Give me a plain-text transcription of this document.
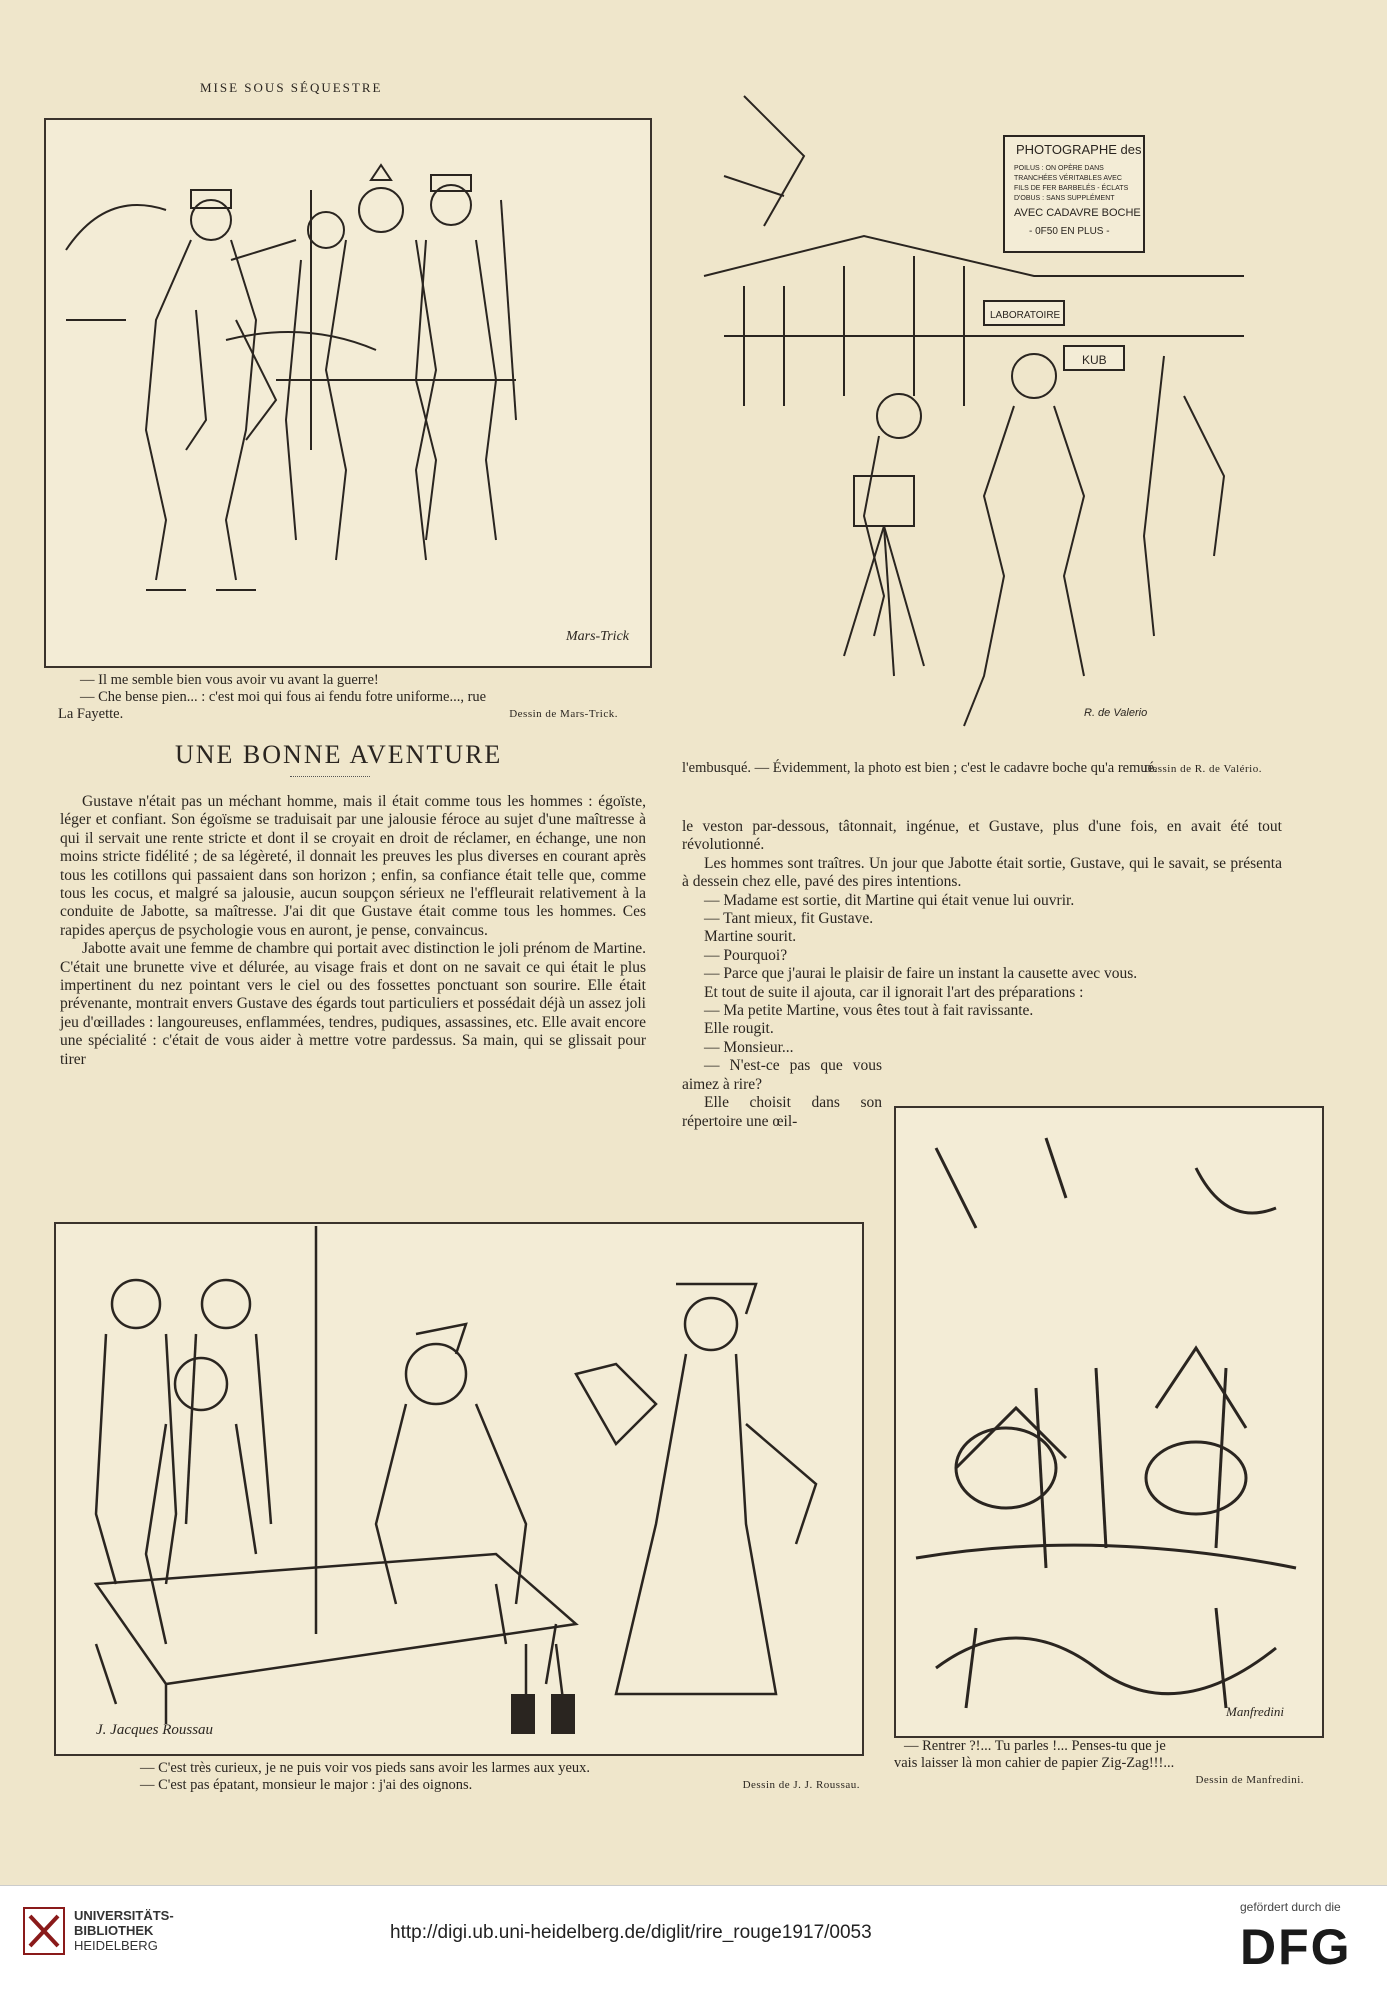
MISE SOUS SÉQUESTRE
Mars-Trick
— Il me semble bien vous avoir vu avant la guerre!
— Che bense pien... : c'est moi qui fous ai fendu fotre uniforme..., rue
La Fayette.	Dessin de Mars-Trick.
PHOTOGRAPHE des
POILUS : ON OPÈRE DANS
TRANCHÉES VÉRITABLES AVEC
FILS DE FER BARBELÉS - ÉCLATS
D'OBUS : SANS SUPPLÉMENT
AVEC CADAVRE BOCHE
- 0F50 EN PLUS -
LABORATOIRE
KUB
R. de Valerio
l'embusqué. — Évidemment, la photo est bien ; c'est le cadavre boche qu'a remué.
Dessin de R. de Valério.
UNE BONNE AVENTURE

Gustave n'était pas un méchant homme, mais il était comme tous les hommes : égoïste, léger et confiant. Son égoïsme se traduisait par une jalousie féroce au sujet d'une maîtresse à qui il servait une rente stricte et dont il se croyait en droit de réclamer, en échange, une non moins stricte fidélité ; de sa légèreté, il donnait les preuves les plus diverses en courant après tous les cotillons qui passaient dans son horizon ; enfin, sa confiance était telle que, comme tous les cocus, et malgré sa jalousie, aucun soupçon sérieux ne l'effleurait relativement à la conduite de Jabotte, sa maîtresse. J'ai dit que Gustave était comme tous les hommes. Ces rapides aperçus de psychologie vous en auront, je pense, convaincus.

Jabotte avait une femme de chambre qui portait avec distinction le joli prénom de Martine. C'était une brunette vive et délurée, au visage frais et dont on ne savait ce qui était le plus impertinent du nez pointant vers le ciel ou des fossettes ponctuant son sourire. Elle était prévenante, montrait envers Gustave des égards tout particuliers et possédait déjà un assez joli jeu d'œillades : langoureuses, enflammées, tendres, pudiques, assassines, etc. Elle avait encore une spécialité : c'était de vous aider à mettre votre pardessus. Sa main, qui se glissait pour tirer

le veston par-dessous, tâtonnait, ingénue, et Gustave, plus d'une fois, en avait été tout révolutionné.

Les hommes sont traîtres. Un jour que Jabotte était sortie, Gustave, qui le savait, se présenta à dessein chez elle, pavé des pires intentions.

— Madame est sortie, dit Martine qui était venue lui ouvrir.

— Tant mieux, fit Gustave.

Martine sourit.

— Pourquoi?

— Parce que j'aurai le plaisir de faire un instant la causette avec vous.

Et tout de suite il ajouta, car il ignorait l'art des préparations :

— Ma petite Martine, vous êtes tout à fait ravissante.

Elle rougit.

— Monsieur...

— N'est-ce pas que vous aimez à rire?

Elle choisit dans son répertoire une œil-

Manfredini
— Rentrer ?!... Tu parles !... Penses-tu que je
vais laisser là mon cahier de papier Zig-Zag!!!...
Dessin de Manfredini.
J. Jacques Roussau
— C'est très curieux, je ne puis voir vos pieds sans avoir les larmes aux yeux.
— C'est pas épatant, monsieur le major : j'ai des oignons.	Dessin de J. J. Roussau.
UNIVERSITÄTS-
BIBLIOTHEK
HEIDELBERG
http://digi.ub.uni-heidelberg.de/diglit/rire_rouge1917/0053
gefördert durch die
DFG
